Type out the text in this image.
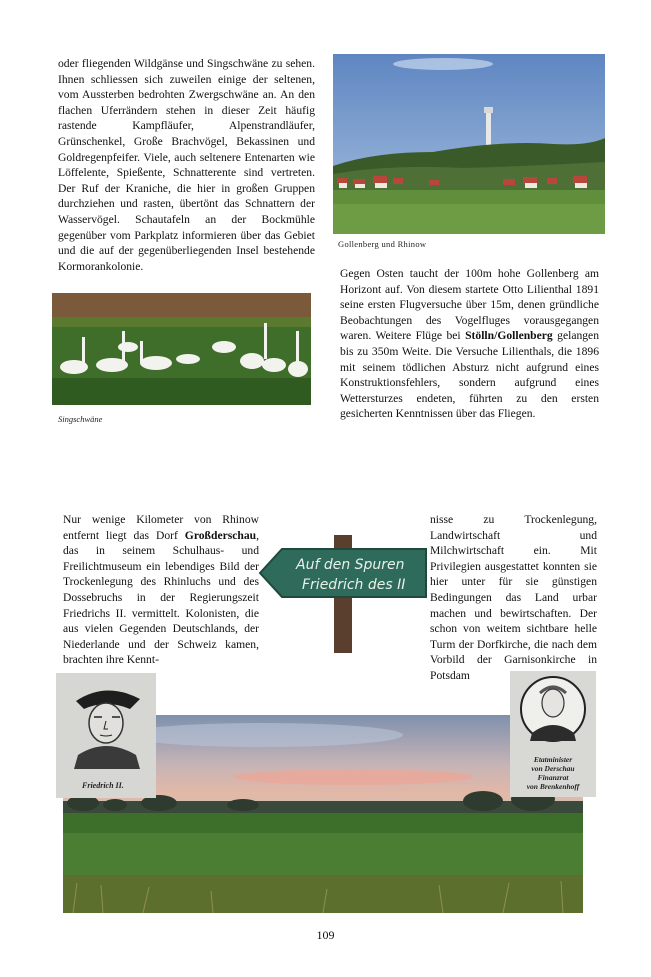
oder fliegenden Wildgänse und Singschwäne zu sehen. Ihnen schliessen sich zuweilen einige der seltenen, vom Aussterben bedrohten Zwergschwäne an. An den flachen Uferrändern stehen in dieser Zeit häufig rastende Kampfläufer, Alpenstrandläufer, Grünschenkel, Große Brachvögel, Bekassinen und Goldregenpfeifer. Viele, auch seltenere Entenarten wie Löffelente, Spießente, Schnatterente sind vertreten. Der Ruf der Kraniche, die hier in großen Gruppen durchziehen und rasten, übertönt das Schnattern der Wasservögel. Schautafeln an der Bockmühle gegenüber vom Parkplatz informieren über das Gebiet und die auf der gegenüberliegenden Insel bestehende Kormorankolonie.

Gollenberg und Rhinow
Singschwäne

Gegen Osten taucht der 100m hohe Gollenberg am Horizont auf. Von diesem startete Otto Lilienthal 1891 seine ersten Flugversuche über 15m, denen gründliche Beobachtungen des Vogelfluges vorausgegangen waren. Weitere Flüge bei Stölln/Gollenberg gelangen bis zu 350m Weite. Die Versuche Lilienthals, die 1896 mit seinem tödlichen Absturz nicht aufgrund eines Konstruktionsfehlers, sondern aufgrund eines Wettersturzes endeten, führten zu den ersten gesicherten Kenntnissen über das Fliegen.

Nur wenige Kilometer von Rhinow entfernt liegt das Dorf Großderschau, das in seinem Schulhaus- und Freilichtmuseum ein lebendiges Bild der Trockenlegung des Rhinluchs und des Dossebruchs in der Regierungszeit Friedrichs II. vermittelt. Kolonisten, die aus vielen Gegenden Deutschlands, der Niederlande und der Schweiz kamen, brachten ihre Kennt-

Auf den Spuren
Friedrich des II

nisse zu Trockenlegung, Landwirtschaft und Milchwirtschaft ein. Mit Privilegien ausgestattet konnten sie hier unter für sie günstigen Bedingungen das Land urbar machen und bewirtschaften. Der schon von weitem sichtbare helle Turm der Dorfkirche, die nach dem Vorbild der Garnisonkirche in Potsdam

Friedrich II.
Etatminister
von Derschau
Finanzrat
von Brenkenhoff
109
